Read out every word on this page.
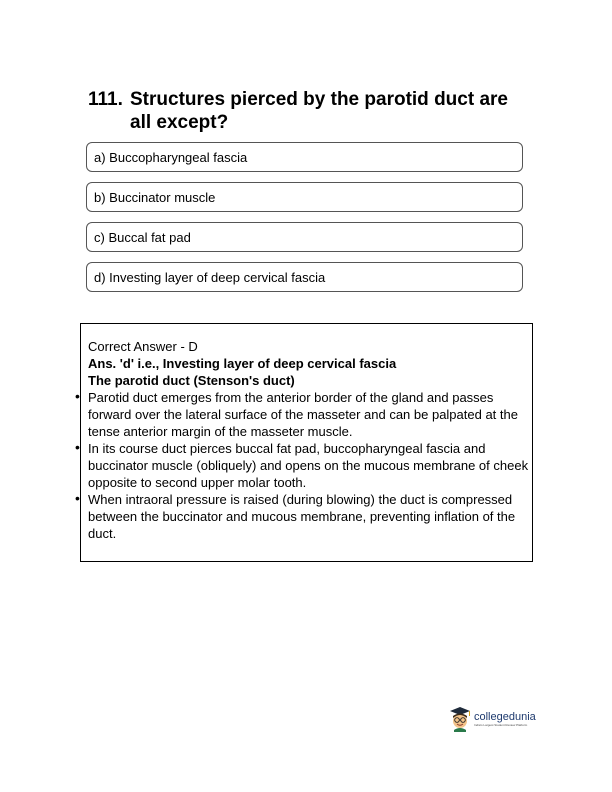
111. Structures pierced by the parotid duct are all except?
a) Buccopharyngeal fascia
b) Buccinator muscle
c) Buccal fat pad
d) Investing layer of deep cervical fascia

Correct Answer - D

Ans. 'd' i.e., Investing layer of deep cervical fascia

The parotid duct (Stenson's duct)

• Parotid duct emerges from the anterior border of the gland and passes forward over the lateral surface of the masseter and can be palpated at the tense anterior margin of the masseter muscle.

• In its course duct pierces buccal fat pad, buccopharyngeal fascia and buccinator muscle (obliquely) and opens on the mucous membrane of cheek opposite to second upper molar tooth.

• When intraoral pressure is raised (during blowing) the duct is compressed between the buccinator and mucous membrane, preventing inflation of the duct.

collegedunia
India's Largest Student Review Platform
